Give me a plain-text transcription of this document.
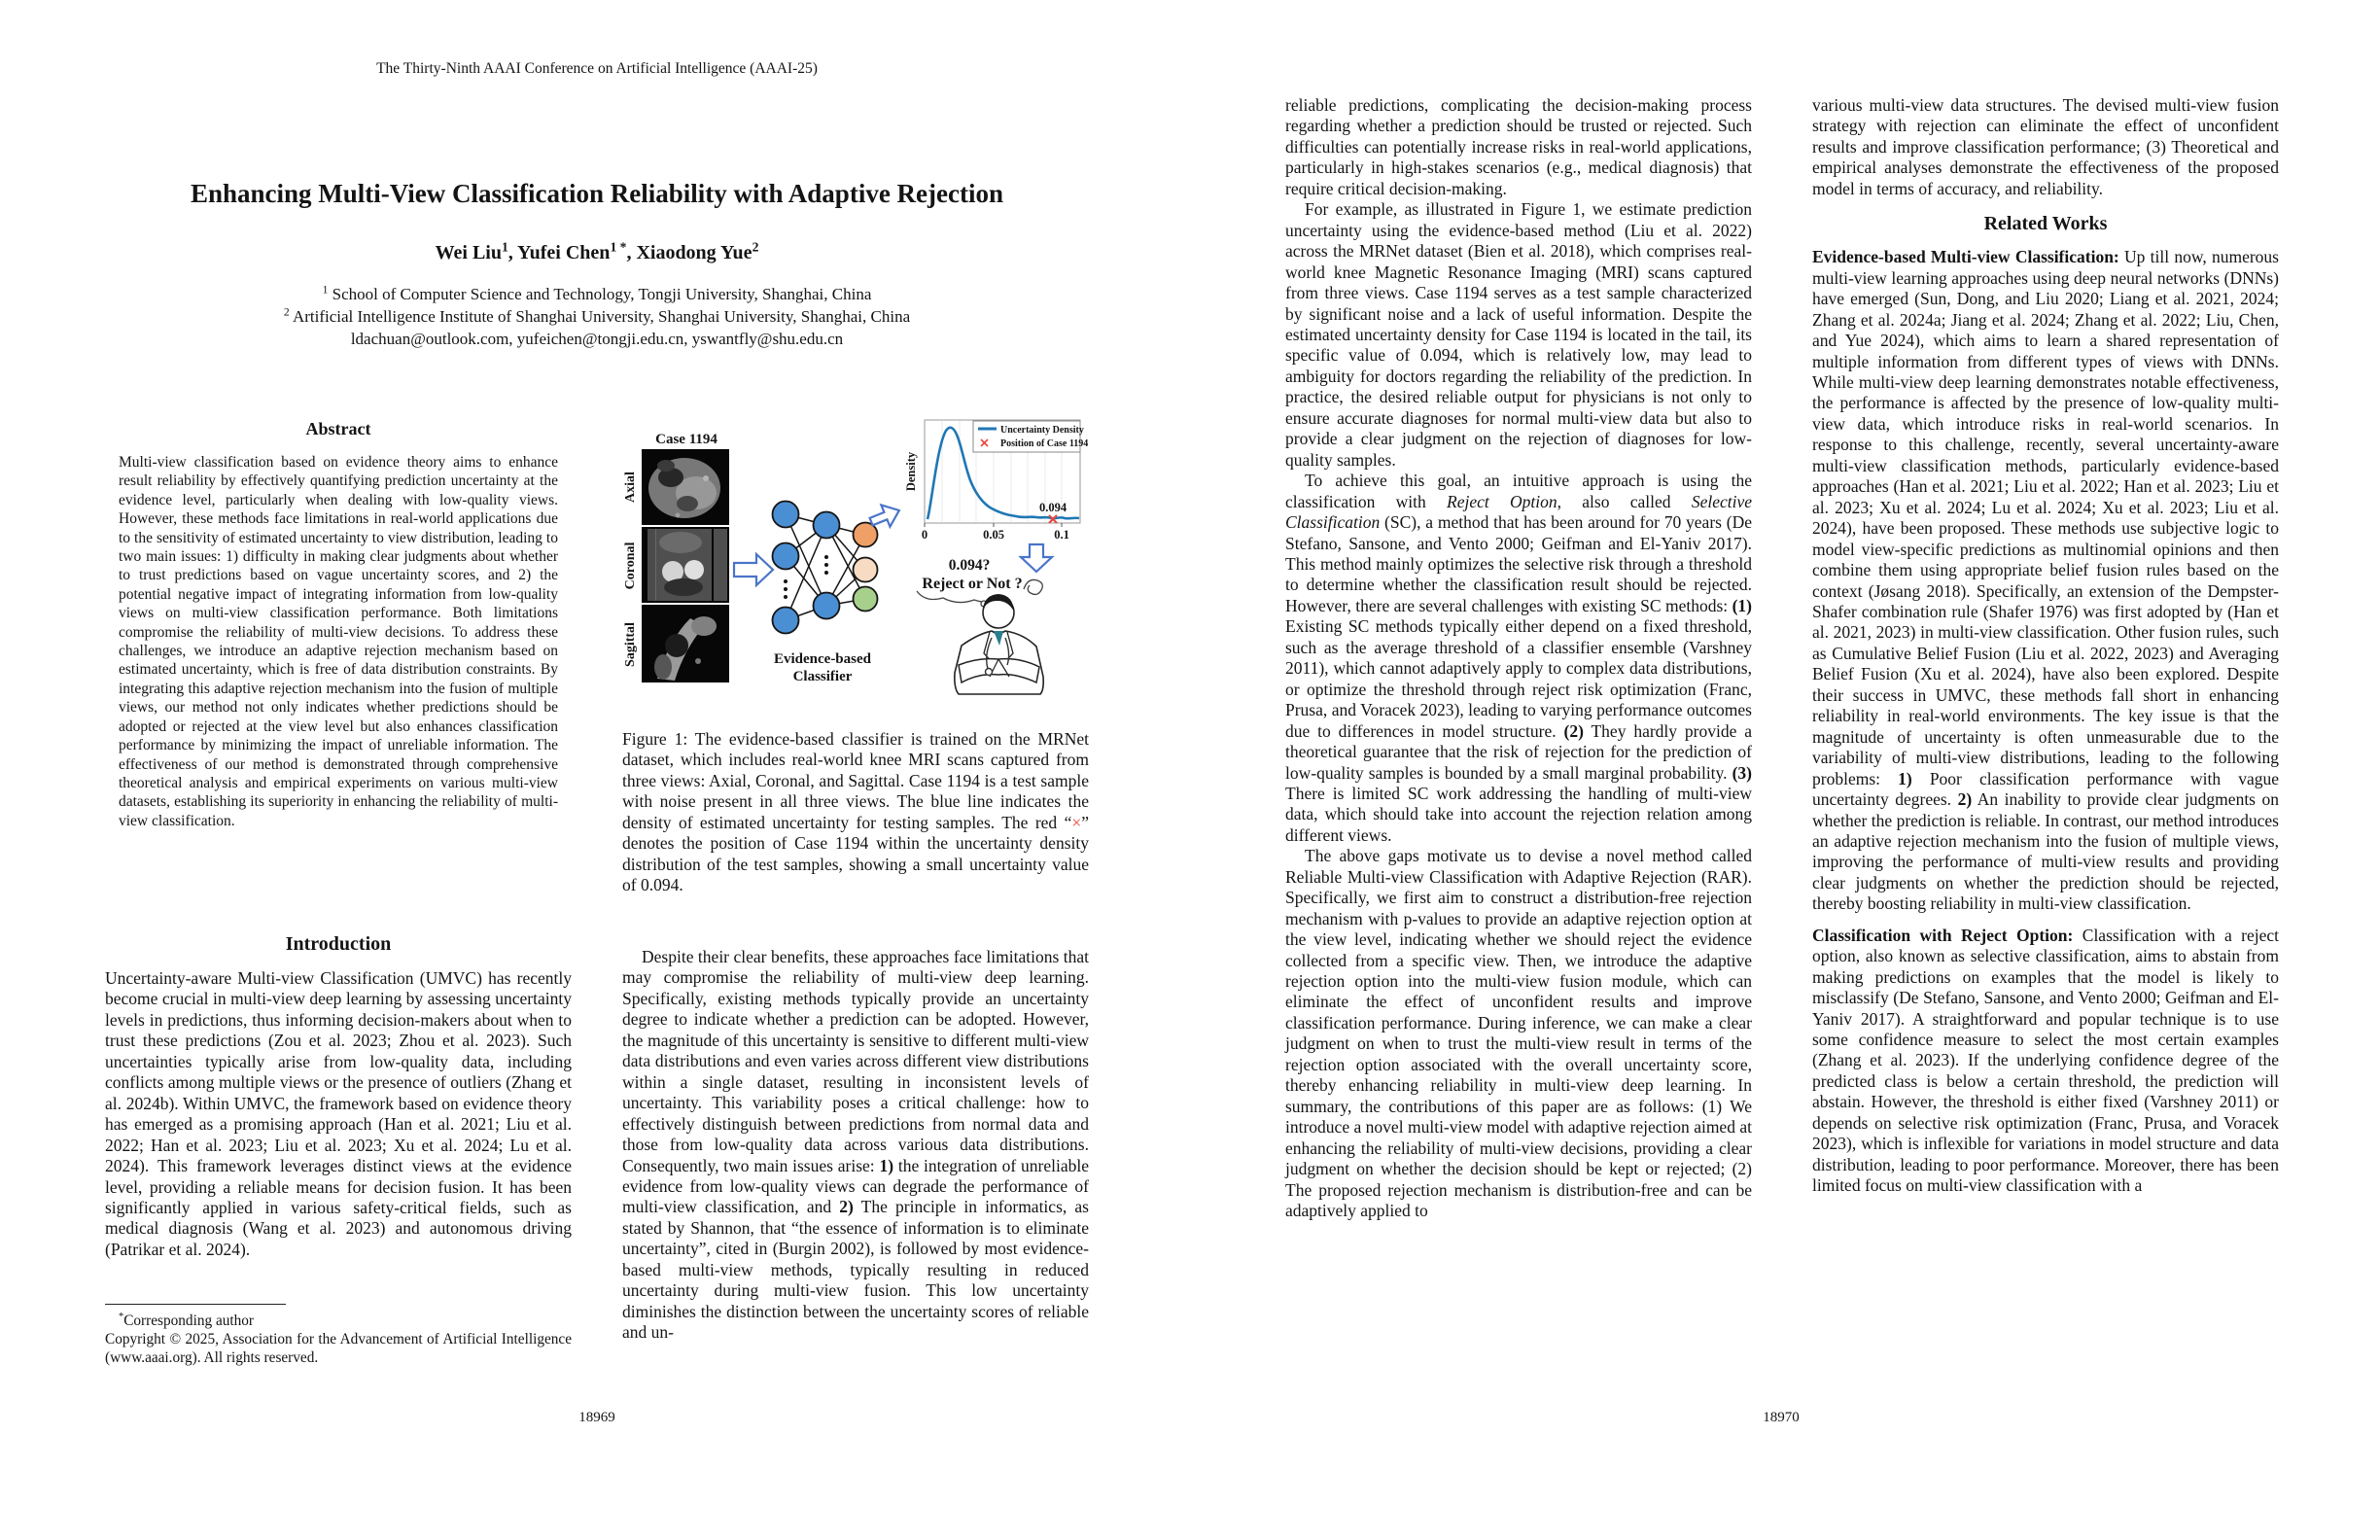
The Thirty-Ninth AAAI Conference on Artificial Intelligence (AAAI-25)
Enhancing Multi-View Classification Reliability with Adaptive Rejection
Wei Liu$^1$, Yufei Chen$^{1 *}$, Xiaodong Yue$^2$
$^1$ School of Computer Science and Technology, Tongji University, Shanghai, China
$^2$ Artificial Intelligence Institute of Shanghai University, Shanghai University, Shanghai, China
ldachuan@outlook.com, yufeichen@tongji.edu.cn, yswantfly@shu.edu.cn
Abstract

Multi-view classification based on evidence theory aims to enhance result reliability by effectively quantifying prediction uncertainty at the evidence level, particularly when dealing with low-quality views. However, these methods face limitations in real-world applications due to the sensitivity of estimated uncertainty to view distribution, leading to two main issues: 1) difficulty in making clear judgments about whether to trust predictions based on vague uncertainty scores, and 2) the potential negative impact of integrating information from low-quality views on multi-view classification performance. Both limitations compromise the reliability of multi-view decisions. To address these challenges, we introduce an adaptive rejection mechanism based on estimated uncertainty, which is free of data distribution constraints. By integrating this adaptive rejection mechanism into the fusion of multiple views, our method not only indicates whether predictions should be adopted or rejected at the view level but also enhances classification performance by minimizing the impact of unreliable information. The effectiveness of our method is demonstrated through comprehensive theoretical analysis and empirical experiments on various multi-view datasets, establishing its superiority in enhancing the reliability of multi-view classification.

Introduction

Uncertainty-aware Multi-view Classification (UMVC) has recently become crucial in multi-view deep learning by assessing uncertainty levels in predictions, thus informing decision-makers about when to trust these predictions (Zou et al. 2023; Zhou et al. 2023). Such uncertainties typically arise from low-quality data, including conflicts among multiple views or the presence of outliers (Zhang et al. 2024b). Within UMVC, the framework based on evidence theory has emerged as a promising approach (Han et al. 2021; Liu et al. 2022; Han et al. 2023; Liu et al. 2023; Xu et al. 2024; Lu et al. 2024). This framework leverages distinct views at the evidence level, providing a reliable means for decision fusion. It has been significantly applied in various safety-critical fields, such as medical diagnosis (Wang et al. 2023) and autonomous driving (Patrikar et al. 2024).

*Corresponding author

Copyright © 2025, Association for the Advancement of Artificial Intelligence (www.aaai.org). All rights reserved.

Case 1194
Axial
Coronal
Sagittal	Evidence-based
Classifier
0.094
Uncertainty Density
Position of Case 1194
0	0.05	0.1
Density
0.094?
Reject or Not ?
Figure 1: The evidence-based classifier is trained on the MRNet dataset, which includes real-world knee MRI scans captured from three views: Axial, Coronal, and Sagittal. Case 1194 is a test sample with noise present in all three views. The blue line indicates the density of estimated uncertainty for testing samples. The red “×” denotes the position of Case 1194 within the uncertainty density distribution of the test samples, showing a small uncertainty value of 0.094.

Despite their clear benefits, these approaches face limitations that may compromise the reliability of multi-view deep learning. Specifically, existing methods typically provide an uncertainty degree to indicate whether a prediction can be adopted. However, the magnitude of this uncertainty is sensitive to different multi-view data distributions and even varies across different view distributions within a single dataset, resulting in inconsistent levels of uncertainty. This variability poses a critical challenge: how to effectively distinguish between predictions from normal data and those from low-quality data across various data distributions. Consequently, two main issues arise: 1) the integration of unreliable evidence from low-quality views can degrade the performance of multi-view classification, and 2) The principle in informatics, as stated by Shannon, that “the essence of information is to eliminate uncertainty”, cited in (Burgin 2002), is followed by most evidence-based multi-view methods, typically resulting in reduced uncertainty during multi-view fusion. This low uncertainty diminishes the distinction between the uncertainty scores of reliable and un-

18969

reliable predictions, complicating the decision-making process regarding whether a prediction should be trusted or rejected. Such difficulties can potentially increase risks in real-world applications, particularly in high-stakes scenarios (e.g., medical diagnosis) that require critical decision-making.

For example, as illustrated in Figure 1, we estimate prediction uncertainty using the evidence-based method (Liu et al. 2022) across the MRNet dataset (Bien et al. 2018), which comprises real-world knee Magnetic Resonance Imaging (MRI) scans captured from three views. Case 1194 serves as a test sample characterized by significant noise and a lack of useful information. Despite the estimated uncertainty density for Case 1194 is located in the tail, its specific value of 0.094, which is relatively low, may lead to ambiguity for doctors regarding the reliability of the prediction. In practice, the desired reliable output for physicians is not only to ensure accurate diagnoses for normal multi-view data but also to provide a clear judgment on the rejection of diagnoses for low-quality samples.

To achieve this goal, an intuitive approach is using the classification with Reject Option, also called Selective Classification (SC), a method that has been around for 70 years (De Stefano, Sansone, and Vento 2000; Geifman and El-Yaniv 2017). This method mainly optimizes the selective risk through a threshold to determine whether the classification result should be rejected. However, there are several challenges with existing SC methods: (1) Existing SC methods typically either depend on a fixed threshold, such as the average threshold of a classifier ensemble (Varshney 2011), which cannot adaptively apply to complex data distributions, or optimize the threshold through reject risk optimization (Franc, Prusa, and Voracek 2023), leading to varying performance outcomes due to differences in model structure. (2) They hardly provide a theoretical guarantee that the risk of rejection for the prediction of low-quality samples is bounded by a small marginal probability. (3) There is limited SC work addressing the handling of multi-view data, which should take into account the rejection relation among different views.

The above gaps motivate us to devise a novel method called Reliable Multi-view Classification with Adaptive Rejection (RAR). Specifically, we first aim to construct a distribution-free rejection mechanism with p-values to provide an adaptive rejection option at the view level, indicating whether we should reject the evidence collected from a specific view. Then, we introduce the adaptive rejection option into the multi-view fusion module, which can eliminate the effect of unconfident results and improve classification performance. During inference, we can make a clear judgment on when to trust the multi-view result in terms of the rejection option associated with the overall uncertainty score, thereby enhancing reliability in multi-view deep learning. In summary, the contributions of this paper are as follows: (1) We introduce a novel multi-view model with adaptive rejection aimed at enhancing the reliability of multi-view decisions, providing a clear judgment on whether the decision should be kept or rejected; (2) The proposed rejection mechanism is distribution-free and can be adaptively applied to

various multi-view data structures. The devised multi-view fusion strategy with rejection can eliminate the effect of unconfident results and improve classification performance; (3) Theoretical and empirical analyses demonstrate the effectiveness of the proposed model in terms of accuracy, and reliability.

Related Works

Evidence-based Multi-view Classification: Up till now, numerous multi-view learning approaches using deep neural networks (DNNs) have emerged (Sun, Dong, and Liu 2020; Liang et al. 2021, 2024; Zhang et al. 2024a; Jiang et al. 2024; Zhang et al. 2022; Liu, Chen, and Yue 2024), which aims to learn a shared representation of multiple information from different types of views with DNNs. While multi-view deep learning demonstrates notable effectiveness, the performance is affected by the presence of low-quality multi-view data, which introduce risks in real-world scenarios. In response to this challenge, recently, several uncertainty-aware multi-view classification methods, particularly evidence-based approaches (Han et al. 2021; Liu et al. 2022; Han et al. 2023; Liu et al. 2023; Xu et al. 2024; Lu et al. 2024; Xu et al. 2023; Liu et al. 2024), have been proposed. These methods use subjective logic to model view-specific predictions as multinomial opinions and then combine them using appropriate belief fusion rules based on the context (Jøsang 2018). Specifically, an extension of the Dempster-Shafer combination rule (Shafer 1976) was first adopted by (Han et al. 2021, 2023) in multi-view classification. Other fusion rules, such as Cumulative Belief Fusion (Liu et al. 2022, 2023) and Averaging Belief Fusion (Xu et al. 2024), have also been explored. Despite their success in UMVC, these methods fall short in enhancing reliability in real-world environments. The key issue is that the magnitude of uncertainty is often unmeasurable due to the variability of multi-view distributions, leading to the following problems: 1) Poor classification performance with vague uncertainty degrees. 2) An inability to provide clear judgments on whether the prediction is reliable. In contrast, our method introduces an adaptive rejection mechanism into the fusion of multiple views, improving the performance of multi-view results and providing clear judgments on whether the prediction should be rejected, thereby boosting reliability in multi-view classification.

Classification with Reject Option: Classification with a reject option, also known as selective classification, aims to abstain from making predictions on examples that the model is likely to misclassify (De Stefano, Sansone, and Vento 2000; Geifman and El-Yaniv 2017). A straightforward and popular technique is to use some confidence measure to select the most certain examples (Zhang et al. 2023). If the underlying confidence degree of the predicted class is below a certain threshold, the prediction will abstain. However, the threshold is either fixed (Varshney 2011) or depends on selective risk optimization (Franc, Prusa, and Voracek 2023), which is inflexible for variations in model structure and data distribution, leading to poor performance. Moreover, there has been limited focus on multi-view classification with a

18970
